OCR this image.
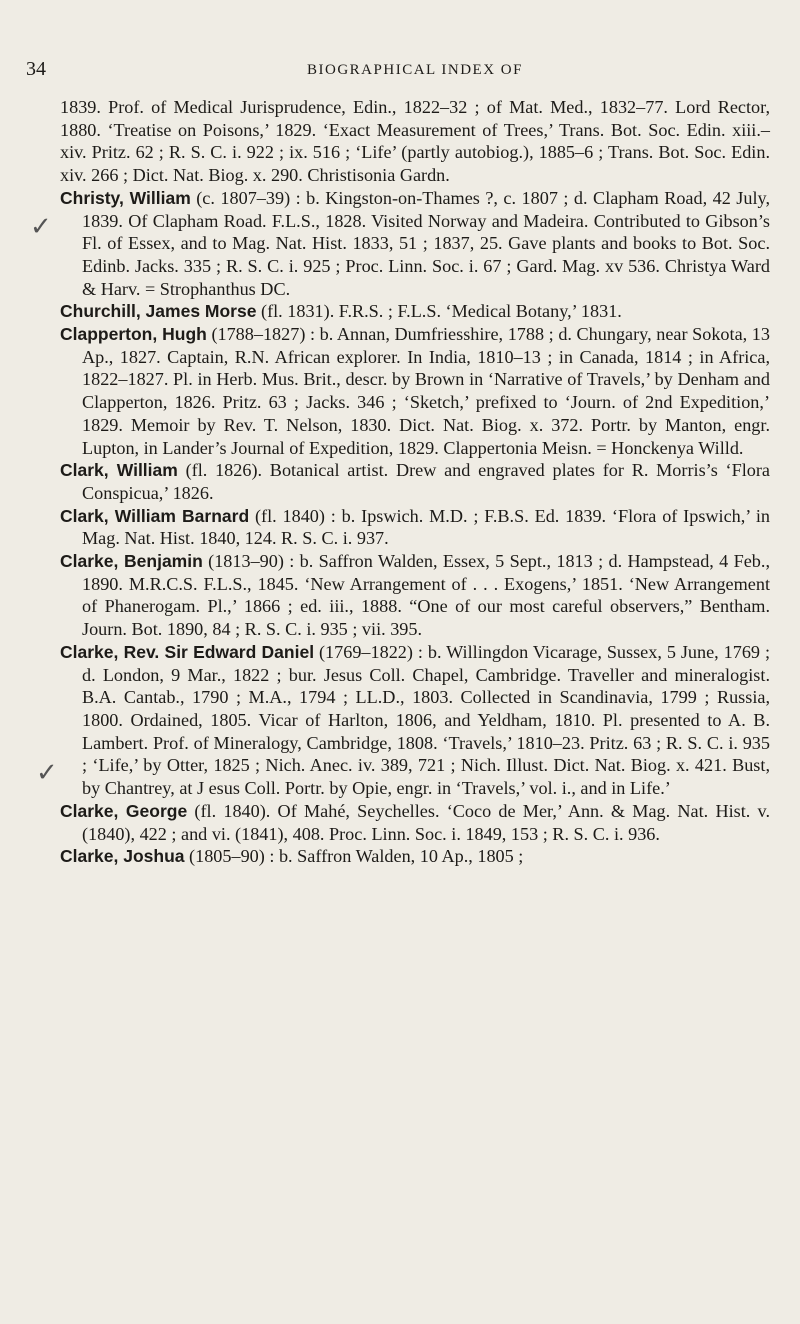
34	BIOGRAPHICAL INDEX OF
✓
✓

1839. Prof. of Medical Jurisprudence, Edin., 1822–32 ; of Mat. Med., 1832–77. Lord Rector, 1880. ‘Treatise on Poisons,’ 1829. ‘Exact Measurement of Trees,’ Trans. Bot. Soc. Edin. xiii.–xiv. Pritz. 62 ; R. S. C. i. 922 ; ix. 516 ; ‘Life’ (partly autobiog.), 1885–6 ; Trans. Bot. Soc. Edin. xiv. 266 ; Dict. Nat. Biog. x. 290. Christisonia Gardn.

Christy, William (c. 1807–39) : b. Kingston-on-Thames ?, c. 1807 ; d. Clapham Road, 42 July, 1839. Of Clapham Road. F.L.S., 1828. Visited Norway and Madeira. Contributed to Gibson’s Fl. of Essex, and to Mag. Nat. Hist. 1833, 51 ; 1837, 25. Gave plants and books to Bot. Soc. Edinb. Jacks. 335 ; R. S. C. i. 925 ; Proc. Linn. Soc. i. 67 ; Gard. Mag. xv 536. Christya Ward & Harv. = Strophanthus DC.

Churchill, James Morse (fl. 1831). F.R.S. ; F.L.S. ‘Medical Botany,’ 1831.

Clapperton, Hugh (1788–1827) : b. Annan, Dumfriesshire, 1788 ; d. Chungary, near Sokota, 13 Ap., 1827. Captain, R.N. African explorer. In India, 1810–13 ; in Canada, 1814 ; in Africa, 1822–1827. Pl. in Herb. Mus. Brit., descr. by Brown in ‘Narrative of Travels,’ by Denham and Clapperton, 1826. Pritz. 63 ; Jacks. 346 ; ‘Sketch,’ prefixed to ‘Journ. of 2nd Expedition,’ 1829. Memoir by Rev. T. Nelson, 1830. Dict. Nat. Biog. x. 372. Portr. by Manton, engr. Lupton, in Lander’s Journal of Expedition, 1829. Clappertonia Meisn. = Honckenya Willd.

Clark, William (fl. 1826). Botanical artist. Drew and engraved plates for R. Morris’s ‘Flora Conspicua,’ 1826.

Clark, William Barnard (fl. 1840) : b. Ipswich. M.D. ; F.B.S. Ed. 1839. ‘Flora of Ipswich,’ in Mag. Nat. Hist. 1840, 124. R. S. C. i. 937.

Clarke, Benjamin (1813–90) : b. Saffron Walden, Essex, 5 Sept., 1813 ; d. Hampstead, 4 Feb., 1890. M.R.C.S. F.L.S., 1845. ‘New Arrangement of . . . Exogens,’ 1851. ‘New Arrangement of Phanerogam. Pl.,’ 1866 ; ed. iii., 1888. “One of our most careful observers,” Bentham. Journ. Bot. 1890, 84 ; R. S. C. i. 935 ; vii. 395.

Clarke, Rev. Sir Edward Daniel (1769–1822) : b. Willingdon Vicarage, Sussex, 5 June, 1769 ; d. London, 9 Mar., 1822 ; bur. Jesus Coll. Chapel, Cambridge. Traveller and mineralogist. B.A. Cantab., 1790 ; M.A., 1794 ; LL.D., 1803. Collected in Scandinavia, 1799 ; Russia, 1800. Ordained, 1805. Vicar of Harlton, 1806, and Yeldham, 1810. Pl. presented to A. B. Lambert. Prof. of Mineralogy, Cambridge, 1808. ‘Travels,’ 1810–23. Pritz. 63 ; R. S. C. i. 935 ; ‘Life,’ by Otter, 1825 ; Nich. Anec. iv. 389, 721 ; Nich. Illust. Dict. Nat. Biog. x. 421. Bust, by Chantrey, at J esus Coll. Portr. by Opie, engr. in ‘Travels,’ vol. i., and in Life.’

Clarke, George (fl. 1840). Of Mahé, Seychelles. ‘Coco de Mer,’ Ann. & Mag. Nat. Hist. v. (1840), 422 ; and vi. (1841), 408. Proc. Linn. Soc. i. 1849, 153 ; R. S. C. i. 936.

Clarke, Joshua (1805–90) : b. Saffron Walden, 10 Ap., 1805 ;
